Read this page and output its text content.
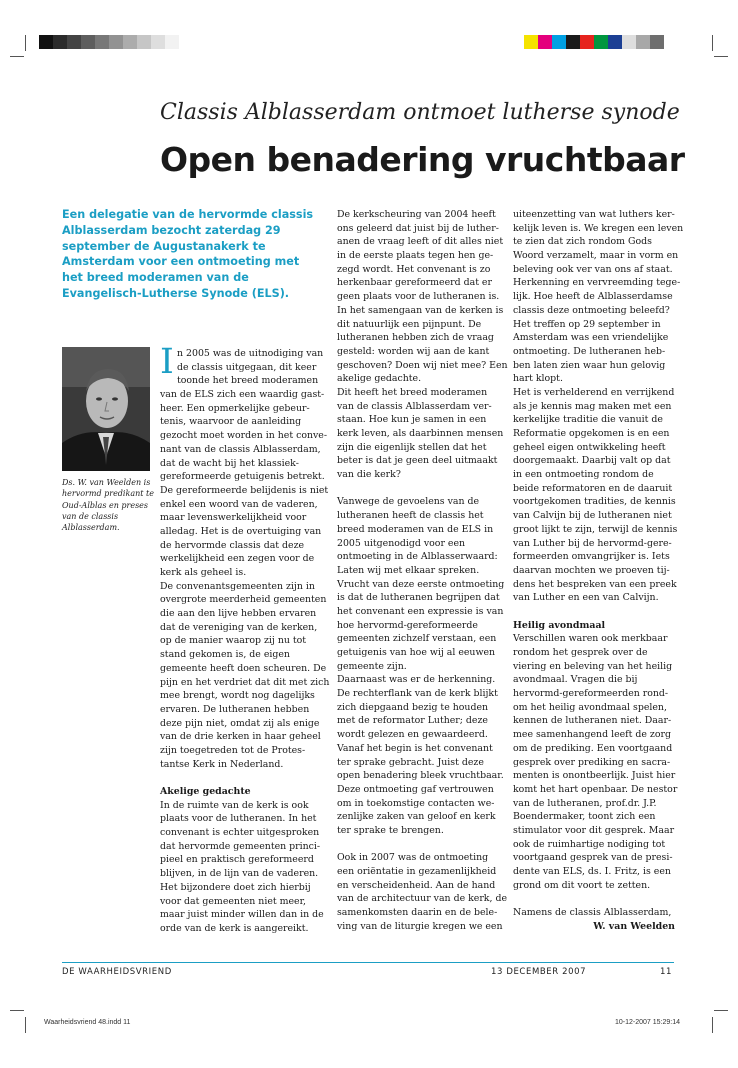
Classis Alblasserdam ontmoet lutherse synode
Open benadering vruchtbaar
Een delegatie van de hervormde classis Alblasserdam bezocht zaterdag 29 september de Augustanakerk te Amsterdam voor een ontmoeting met het breed moderamen van de Evangelisch-Lutherse Synode (ELS).
Ds. W. van Weelden is hervormd predikant te Oud-Alblas en preses van de classis Alblasserdam.
I n 2005 was de uitnodiging van
de classis uitgegaan, dit keer
toonde het breed moderamen
van de ELS zich een waardig gast-
heer. Een opmerkelijke gebeur-
tenis, waarvoor de aanleiding
gezocht moet worden in het conve-
nant van de classis Alblasserdam,
dat de wacht bij het klassiek-
gereformeerde getuigenis betrekt.
De gereformeerde belijdenis is niet
enkel een woord van de vaderen,
maar levenswerkelijkheid voor
alledag. Het is de overtuiging van
de hervormde classis dat deze
werkelijkheid een zegen voor de
kerk als geheel is.
De convenantsgemeenten zijn in
overgrote meerderheid gemeenten
die aan den lijve hebben ervaren
dat de vereniging van de kerken,
op de manier waarop zij nu tot
stand gekomen is, de eigen
gemeente heeft doen scheuren. De
pijn en het verdriet dat dit met zich
mee brengt, wordt nog dagelijks
ervaren. De lutheranen hebben
deze pijn niet, omdat zij als enige
van de drie kerken in haar geheel
zijn toegetreden tot de Protes-
tantse Kerk in Nederland.
Akelige gedachte
In de ruimte van de kerk is ook
plaats voor de lutheranen. In het
convenant is echter uitgesproken
dat hervormde gemeenten princi-
pieel en praktisch gereformeerd
blijven, in de lijn van de vaderen.
Het bijzondere doet zich hierbij
voor dat gemeenten niet meer,
maar juist minder willen dan in de
orde van de kerk is aangereikt.
De kerkscheuring van 2004 heeft
ons geleerd dat juist bij de luther-
anen de vraag leeft of dit alles niet
in de eerste plaats tegen hen ge-
zegd wordt. Het convenant is zo
herkenbaar gereformeerd dat er
geen plaats voor de lutheranen is.
In het samengaan van de kerken is
dit natuurlijk een pijnpunt. De
lutheranen hebben zich de vraag
gesteld: worden wij aan de kant
geschoven? Doen wij niet mee? Een
akelige gedachte.
Dit heeft het breed moderamen
van de classis Alblasserdam ver-
staan. Hoe kun je samen in een
kerk leven, als daarbinnen mensen
zijn die eigenlijk stellen dat het
beter is dat je geen deel uitmaakt
van die kerk?
Vanwege de gevoelens van de
lutheranen heeft de classis het
breed moderamen van de ELS in
2005 uitgenodigd voor een
ontmoeting in de Alblasserwaard:
Laten wij met elkaar spreken.
Vrucht van deze eerste ontmoeting
is dat de lutheranen begrijpen dat
het convenant een expressie is van
hoe hervormd-gereformeerde
gemeenten zichzelf verstaan, een
getuigenis van hoe wij al eeuwen
gemeente zijn.
Daarnaast was er de herkenning.
De rechterflank van de kerk blijkt
zich diepgaand bezig te houden
met de reformator Luther; deze
wordt gelezen en gewaardeerd.
Vanaf het begin is het convenant
ter sprake gebracht. Juist deze
open benadering bleek vruchtbaar.
Deze ontmoeting gaf vertrouwen
om in toekomstige contacten we-
zenlijke zaken van geloof en kerk
ter sprake te brengen.
Ook in 2007 was de ontmoeting
een oriëntatie in gezamenlijkheid
en verscheidenheid. Aan de hand
van de architectuur van de kerk, de
samenkomsten daarin en de bele-
ving van de liturgie kregen we een
uiteenzetting van wat luthers ker-
kelijk leven is. We kregen een leven
te zien dat zich rondom Gods
Woord verzamelt, maar in vorm en
beleving ook ver van ons af staat.
Herkenning en vervreemding tege-
lijk. Hoe heeft de Alblasserdamse
classis deze ontmoeting beleefd?
Het treffen op 29 september in
Amsterdam was een vriendelijke
ontmoeting. De lutheranen heb-
ben laten zien waar hun gelovig
hart klopt.
Het is verhelderend en verrijkend
als je kennis mag maken met een
kerkelijke traditie die vanuit de
Reformatie opgekomen is en een
geheel eigen ontwikkeling heeft
doorgemaakt. Daarbij valt op dat
in een ontmoeting rondom de
beide reformatoren en de daaruit
voortgekomen tradities, de kennis
van Calvijn bij de lutheranen niet
groot lijkt te zijn, terwijl de kennis
van Luther bij de hervormd-gere-
formeerden omvangrijker is. Iets
daarvan mochten we proeven tij-
dens het bespreken van een preek
van Luther en een van Calvijn.
Heilig avondmaal
Verschillen waren ook merkbaar
rondom het gesprek over de
viering en beleving van het heilig
avondmaal. Vragen die bij
hervormd-gereformeerden rond-
om het heilig avondmaal spelen,
kennen de lutheranen niet. Daar-
mee samenhangend leeft de zorg
om de prediking. Een voortgaand
gesprek over prediking en sacra-
menten is onontbeerlijk. Juist hier
komt het hart openbaar. De nestor
van de lutheranen, prof.dr. J.P.
Boendermaker, toont zich een
stimulator voor dit gesprek. Maar
ook de ruimhartige nodiging tot
voortgaand gesprek van de presi-
dente van ELS, ds. I. Fritz, is een
grond om dit voort te zetten.
Namens de classis Alblasserdam,
W. van Weelden
DE WAARHEIDSVRIEND	13 DECEMBER 2007	11
Waarheidsvriend 48.indd 11	10-12-2007 15:29:14
